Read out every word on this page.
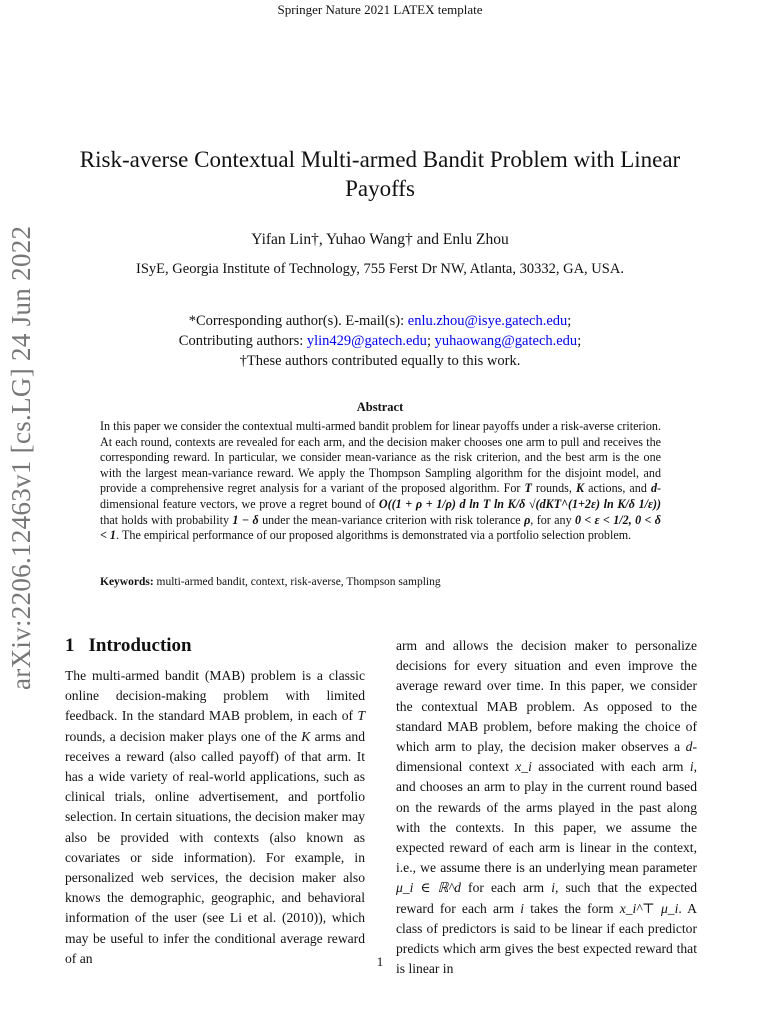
Springer Nature 2021 LATEX template
arXiv:2206.12463v1 [cs.LG] 24 Jun 2022
Risk-averse Contextual Multi-armed Bandit Problem with Linear Payoffs
Yifan Lin†, Yuhao Wang† and Enlu Zhou
ISyE, Georgia Institute of Technology, 755 Ferst Dr NW, Atlanta, 30332, GA, USA.
*Corresponding author(s). E-mail(s): enlu.zhou@isye.gatech.edu;
Contributing authors: ylin429@gatech.edu; yuhaowang@gatech.edu;
†These authors contributed equally to this work.
Abstract
In this paper we consider the contextual multi-armed bandit problem for linear payoffs under a risk-averse criterion. At each round, contexts are revealed for each arm, and the decision maker chooses one arm to pull and receives the corresponding reward. In particular, we consider mean-variance as the risk criterion, and the best arm is the one with the largest mean-variance reward. We apply the Thompson Sampling algorithm for the disjoint model, and provide a comprehensive regret analysis for a variant of the proposed algorithm. For T rounds, K actions, and d-dimensional feature vectors, we prove a regret bound of O((1 + ρ + 1/ρ) d ln T ln K/δ √(dKT^(1+2ε) ln K/δ 1/ε)) that holds with probability 1 − δ under the mean-variance criterion with risk tolerance ρ, for any 0 < ε < 1/2, 0 < δ < 1. The empirical performance of our proposed algorithms is demonstrated via a portfolio selection problem.
Keywords: multi-armed bandit, context, risk-averse, Thompson sampling
1 Introduction
The multi-armed bandit (MAB) problem is a classic online decision-making problem with limited feedback. In the standard MAB problem, in each of T rounds, a decision maker plays one of the K arms and receives a reward (also called payoff) of that arm. It has a wide variety of real-world applications, such as clinical trials, online advertisement, and portfolio selection. In certain situations, the decision maker may also be provided with contexts (also known as covariates or side information). For example, in personalized web services, the decision maker also knows the demographic, geographic, and behavioral information of the user (see Li et al. (2010)), which may be useful to infer the conditional average reward of an
arm and allows the decision maker to personalize decisions for every situation and even improve the average reward over time. In this paper, we consider the contextual MAB problem. As opposed to the standard MAB problem, before making the choice of which arm to play, the decision maker observes a d-dimensional context x_i associated with each arm i, and chooses an arm to play in the current round based on the rewards of the arms played in the past along with the contexts. In this paper, we assume the expected reward of each arm is linear in the context, i.e., we assume there is an underlying mean parameter μ_i ∈ ℝ^d for each arm i, such that the expected reward for each arm i takes the form x_i^⊤ μ_i. A class of predictors is said to be linear if each predictor predicts which arm gives the best expected reward that is linear in
1
